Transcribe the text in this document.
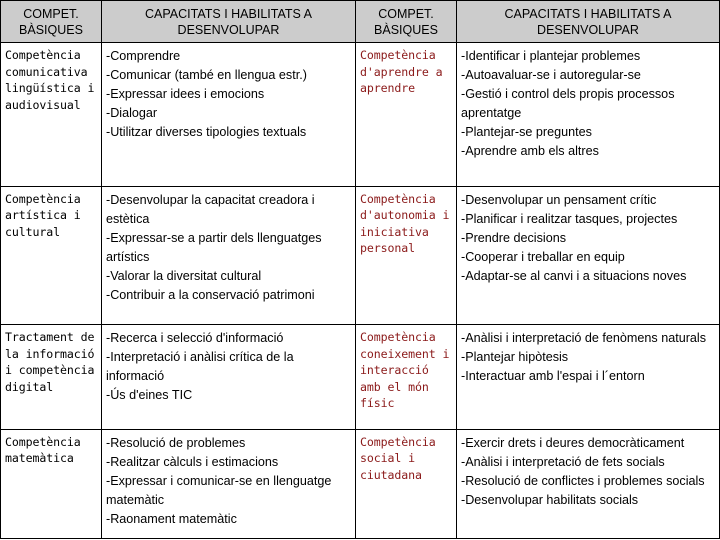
COMPET. BÀSIQUES	CAPACITATS I HABILITATS A DESENVOLUPAR	COMPET. BÀSIQUES	CAPACITATS I HABILITATS A DESENVOLUPAR
Competència comunicativa lingüística i audiovisual	-Comprendre
-Comunicar (també en llengua estr.)
-Expressar idees i emocions
-Dialogar
-Utilitzar diverses tipologies textuals	Competència d'aprendre a aprendre	-Identificar i plantejar problemes
-Autoavaluar-se i autoregular-se
-Gestió i control dels propis processos aprentatge
-Plantejar-se preguntes
-Aprendre amb els altres

Competència artística i cultural	-Desenvolupar la capacitat creadora i estètica
-Expressar-se a partir dels llenguatges artístics
-Valorar la diversitat cultural
-Contribuir a la conservació patrimoni	Competència d'autonomia i iniciativa personal	-Desenvolupar un pensament crític
-Planificar i realitzar tasques, projectes
-Prendre decisions
-Cooperar i treballar en equip
-Adaptar-se al canvi i a situacions noves

Tractament de la informació i competència digital	-Recerca i selecció d'informació
-Interpretació i anàlisi crítica de la informació
-Ús d'eines TIC	Competència coneixement i interacció amb el món físic	-Anàlisi i interpretació de fenòmens naturals
-Plantejar hipòtesis
-Interactuar amb l'espai i l´entorn

Competència matemàtica	-Resolució de problemes
-Realitzar càlculs i estimacions
-Expressar i comunicar-se en llenguatge matemàtic
-Raonament matemàtic	Competència social i ciutadana	-Exercir drets i deures democràticament
-Anàlisi i interpretació de fets socials
-Resolució de conflictes i problemes socials
-Desenvolupar habilitats socials
